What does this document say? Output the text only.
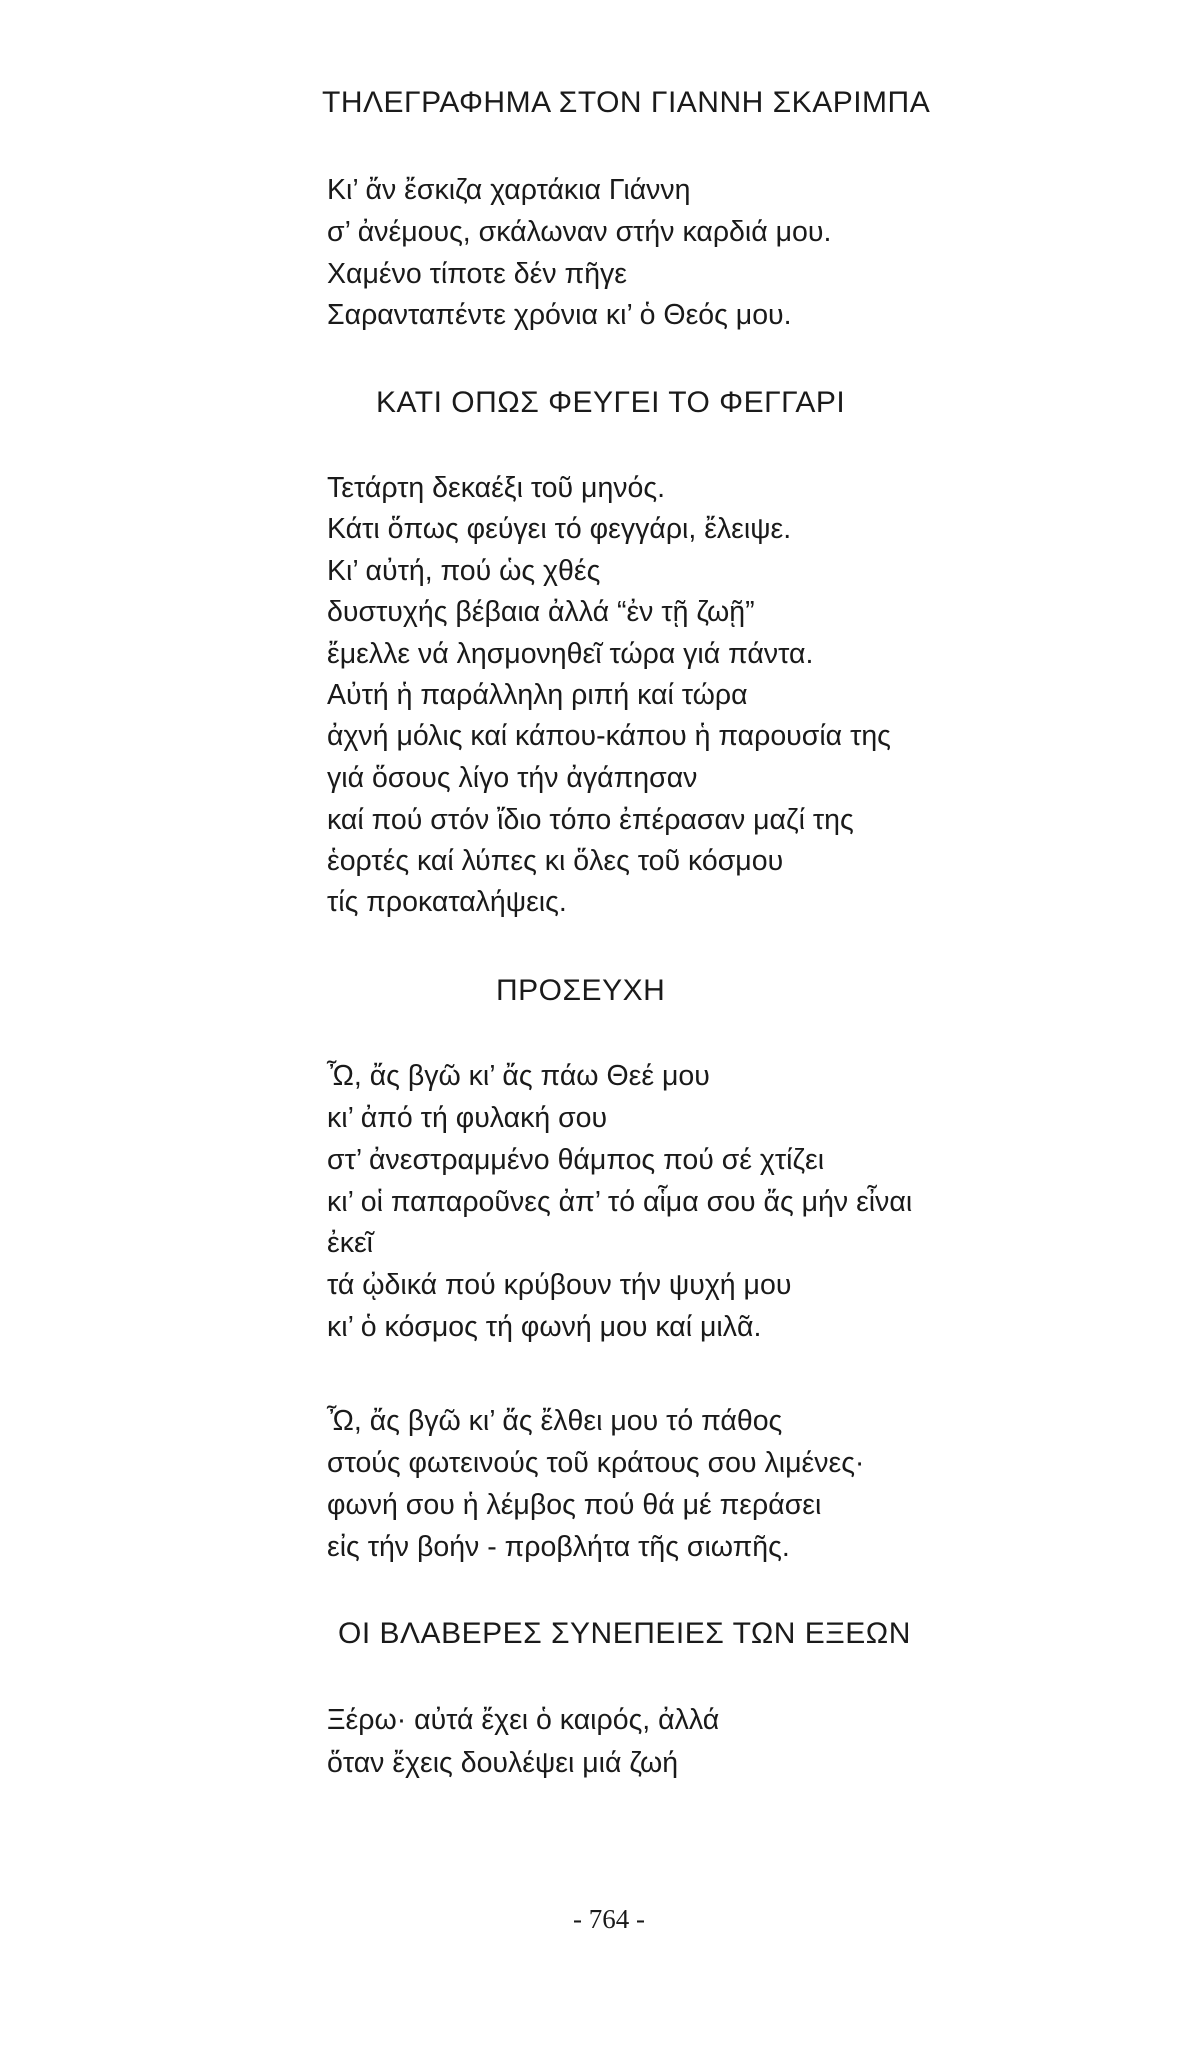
ΤΗΛΕΓΡΑΦΗΜΑ ΣΤΟΝ ΓΙΑΝΝΗ ΣΚΑΡΙΜΠΑ
Κι’ ἄν ἔσκιζα χαρτάκια Γιάννη
σ’ ἀνέμους, σκάλωναν στήν καρδιά μου.
Χαμένο τίποτε δέν πῆγε
Σαρανταπέντε χρόνια κι’ ὁ Θεός μου.
ΚΑΤΙ ΟΠΩΣ ΦΕΥΓΕΙ ΤΟ ΦΕΓΓΑΡΙ
Τετάρτη δεκαέξι τοῦ μηνός.
Κάτι ὅπως φεύγει τό φεγγάρι, ἔλειψε.
Κι’ αὐτή, πού ὡς χθές
δυστυχής βέβαια ἀλλά “ἐν τῇ ζωῇ”
ἔμελλε νά λησμονηθεῖ τώρα γιά πάντα.
Αὐτή ἡ παράλληλη ριπή καί τώρα
ἀχνή μόλις καί κάπου-κάπου ἡ παρουσία της
γιά ὅσους λίγο τήν ἀγάπησαν
καί πού στόν ἴδιο τόπο ἐπέρασαν μαζί της
ἑορτές καί λύπες κι ὅλες τοῦ κόσμου
τίς προκαταλήψεις.
ΠΡΟΣΕΥΧΗ
Ὦ, ἄς βγῶ κι’ ἄς πάω Θεέ μου
κι’ ἀπό τή φυλακή σου
στ’ ἀνεστραμμένο θάμπος πού σέ χτίζει
κι’ οἱ παπαροῦνες ἀπ’ τό αἷμα σου ἄς μήν εἶναι
ἐκεῖ
τά ᾠδικά πού κρύβουν τήν ψυχή μου
κι’ ὁ κόσμος τή φωνή μου καί μιλᾶ.
Ὦ, ἄς βγῶ κι’ ἄς ἔλθει μου τό πάθος
στούς φωτεινούς τοῦ κράτους σου λιμένες·
φωνή σου ἡ λέμβος πού θά μέ περάσει
εἰς τήν βοήν - προβλήτα τῆς σιωπῆς.
ΟΙ ΒΛΑΒΕΡΕΣ ΣΥΝΕΠΕΙΕΣ ΤΩΝ ΕΞΕΩΝ
Ξέρω· αὐτά ἔχει ὁ καιρός, ἀλλά
ὅταν ἔχεις δουλέψει μιά ζωή
- 764 -
